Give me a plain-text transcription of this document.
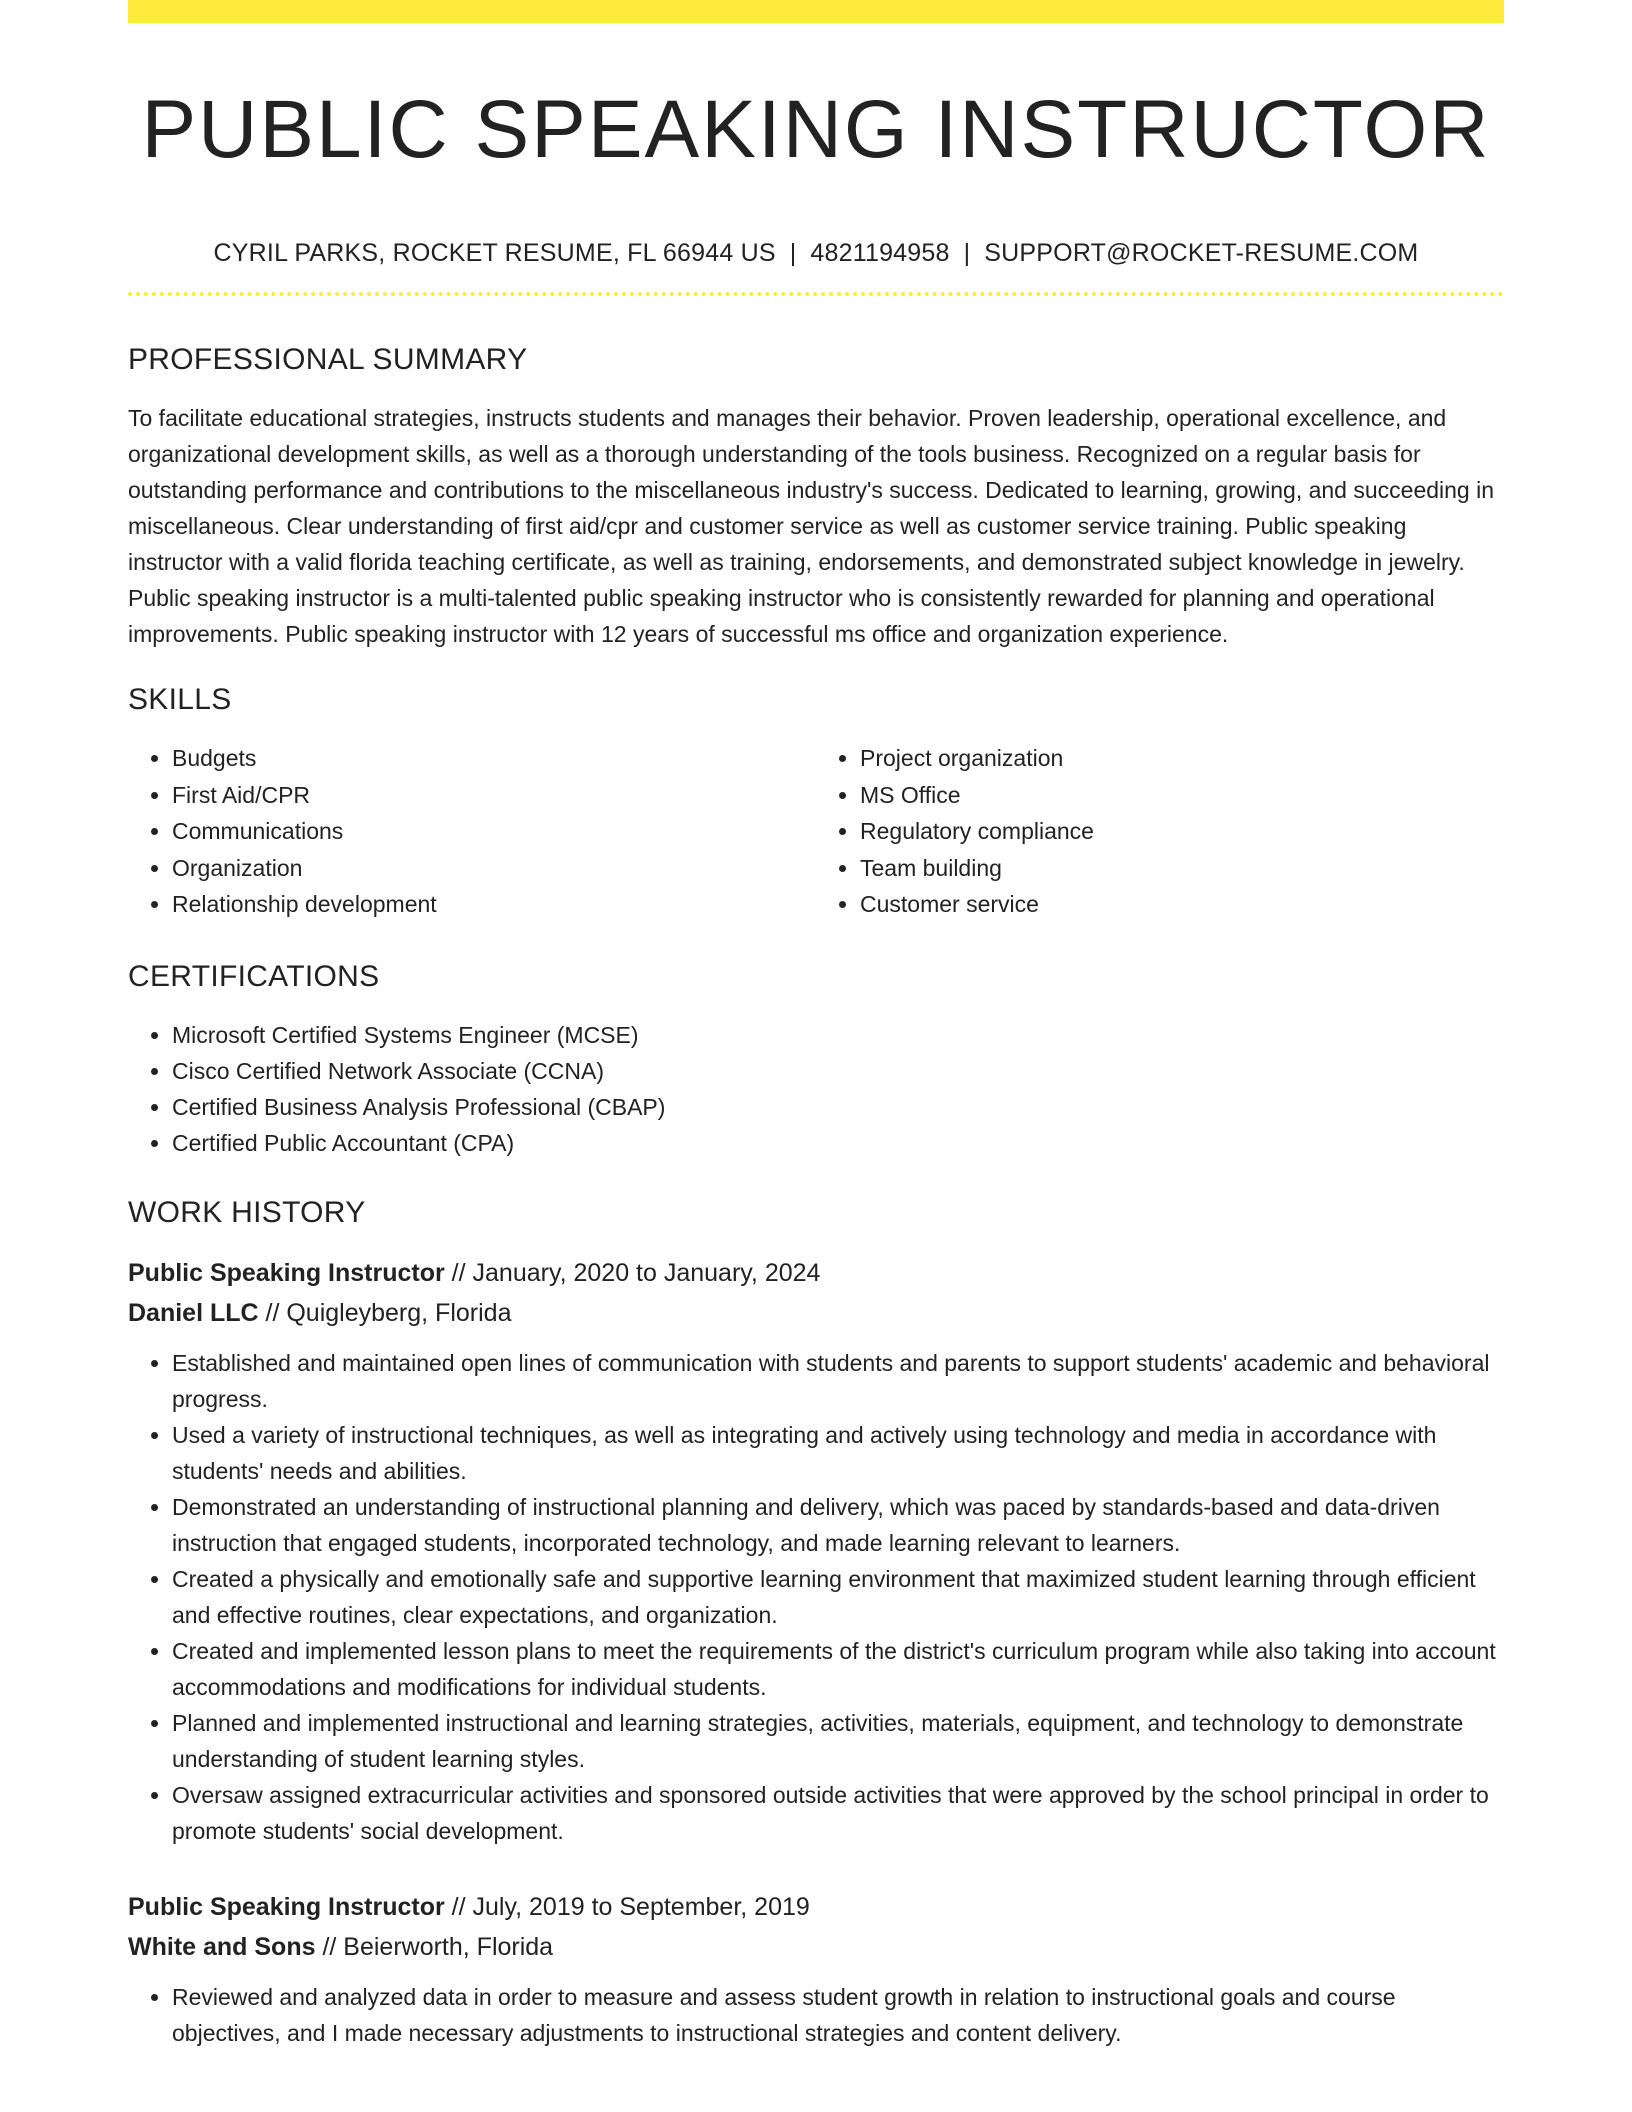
PUBLIC SPEAKING INSTRUCTOR
CYRIL PARKS, ROCKET RESUME, FL 66944 US | 4821194958 | SUPPORT@ROCKET-RESUME.COM
PROFESSIONAL SUMMARY

To facilitate educational strategies, instructs students and manages their behavior. Proven leadership, operational excellence, and organizational development skills, as well as a thorough understanding of the tools business. Recognized on a regular basis for outstanding performance and contributions to the miscellaneous industry's success. Dedicated to learning, growing, and succeeding in miscellaneous. Clear understanding of first aid/cpr and customer service as well as customer service training. Public speaking instructor with a valid florida teaching certificate, as well as training, endorsements, and demonstrated subject knowledge in jewelry. Public speaking instructor is a multi-talented public speaking instructor who is consistently rewarded for planning and operational improvements. Public speaking instructor with 12 years of successful ms office and organization experience.

SKILLS
• Budgets
• First Aid/CPR
• Communications
• Organization
• Relationship development
• Project organization
• MS Office
• Regulatory compliance
• Team building
• Customer service
CERTIFICATIONS
• Microsoft Certified Systems Engineer (MCSE)
• Cisco Certified Network Associate (CCNA)
• Certified Business Analysis Professional (CBAP)
• Certified Public Accountant (CPA)
WORK HISTORY
Public Speaking Instructor // January, 2020 to January, 2024
Daniel LLC // Quigleyberg, Florida
• Established and maintained open lines of communication with students and parents to support students' academic and behavioral progress.
• Used a variety of instructional techniques, as well as integrating and actively using technology and media in accordance with students' needs and abilities.
• Demonstrated an understanding of instructional planning and delivery, which was paced by standards-based and data-driven instruction that engaged students, incorporated technology, and made learning relevant to learners.
• Created a physically and emotionally safe and supportive learning environment that maximized student learning through efficient and effective routines, clear expectations, and organization.
• Created and implemented lesson plans to meet the requirements of the district's curriculum program while also taking into account accommodations and modifications for individual students.
• Planned and implemented instructional and learning strategies, activities, materials, equipment, and technology to demonstrate understanding of student learning styles.
• Oversaw assigned extracurricular activities and sponsored outside activities that were approved by the school principal in order to promote students' social development.
Public Speaking Instructor // July, 2019 to September, 2019
White and Sons // Beierworth, Florida
• Reviewed and analyzed data in order to measure and assess student growth in relation to instructional goals and course objectives, and I made necessary adjustments to instructional strategies and content delivery.
